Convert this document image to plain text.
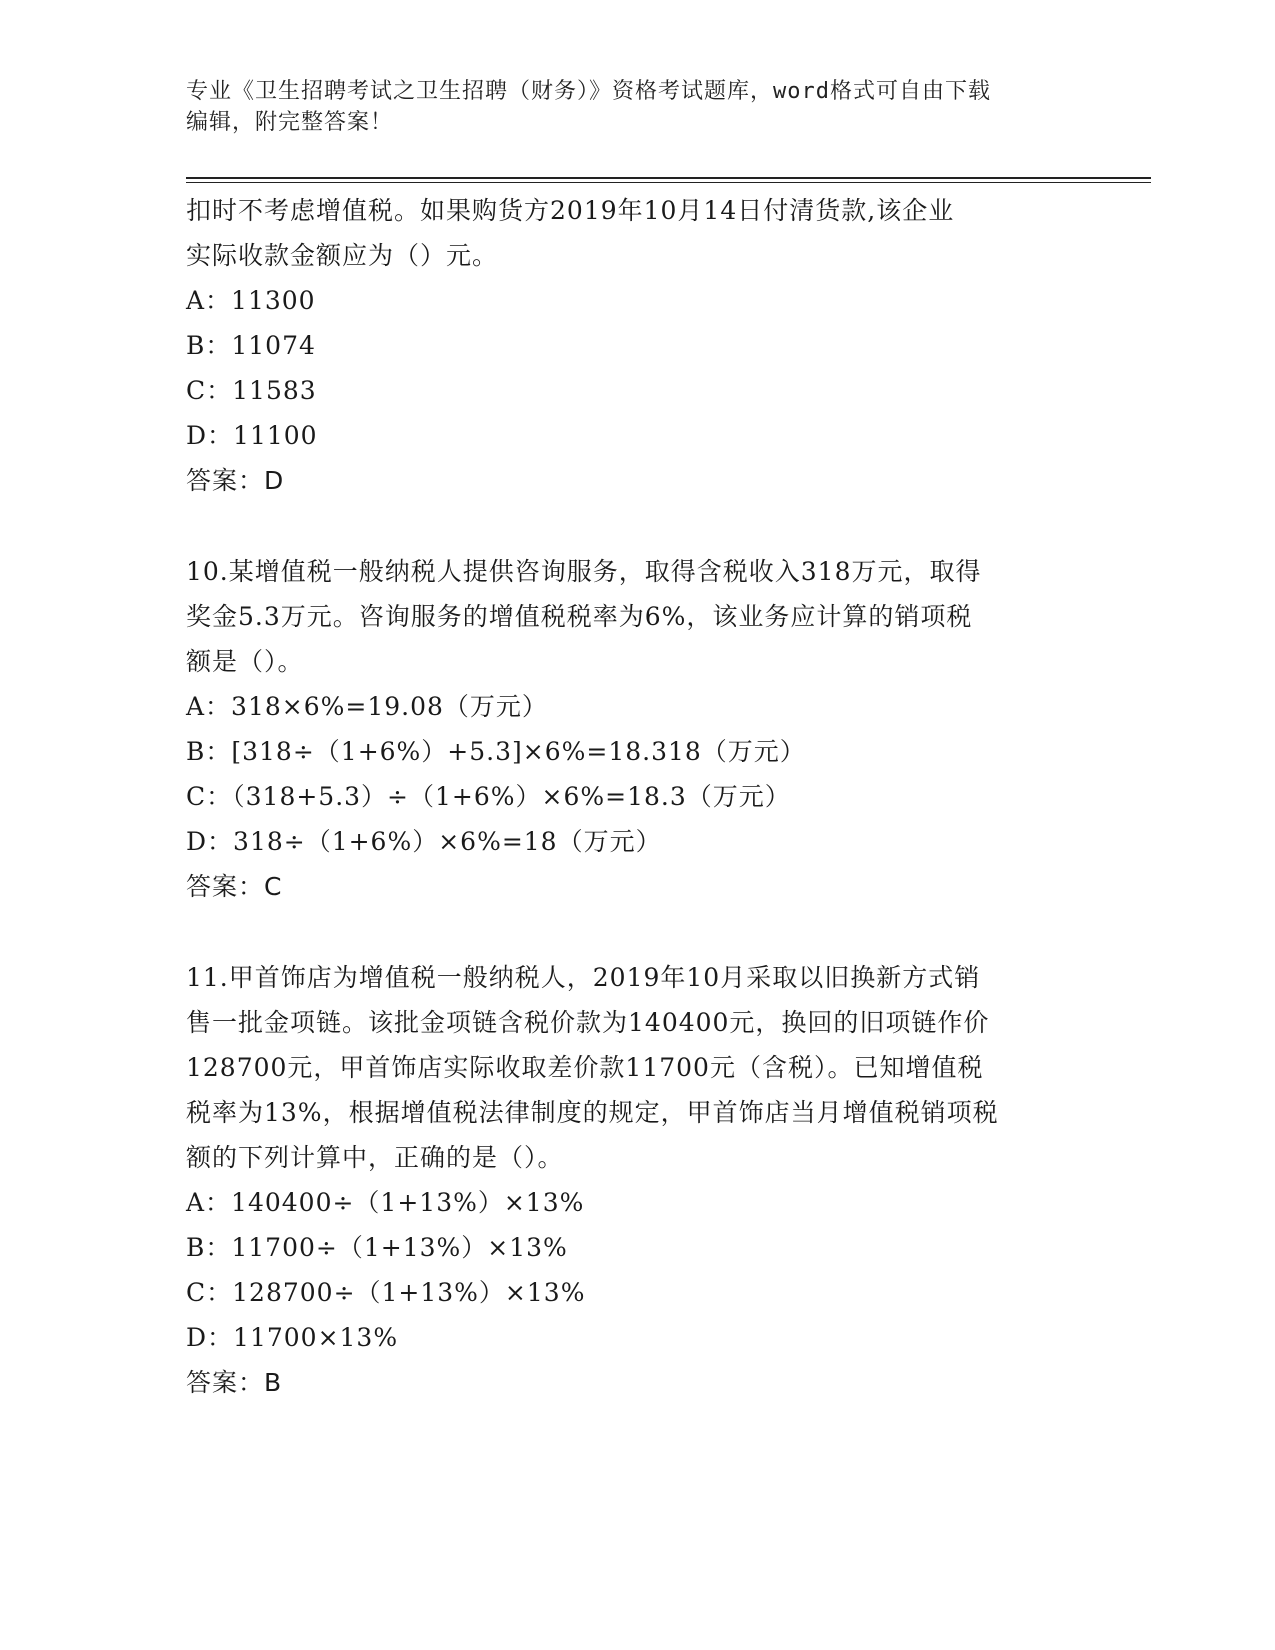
专业《卫生招聘考试之卫生招聘（财务）》资格考试题库，word格式可自由下载
编辑，附完整答案！
扣时不考虑增值税。如果购货方2019年10月14日付清货款,该企业
实际收款金额应为（）元。
A：11300
B：11074
C：11583
D：11100
答案：D
10.某增值税一般纳税人提供咨询服务，取得含税收入318万元，取得
奖金5.3万元。咨询服务的增值税税率为6%，该业务应计算的销项税
额是（）。
A：318×6%=19.08（万元）
B：[318÷（1+6%）+5.3]×6%=18.318（万元）
C：（318+5.3）÷（1+6%）×6%=18.3（万元）
D：318÷（1+6%）×6%=18（万元）
答案：C
11.甲首饰店为增值税一般纳税人，2019年10月采取以旧换新方式销
售一批金项链。该批金项链含税价款为140400元，换回的旧项链作价
128700元，甲首饰店实际收取差价款11700元（含税）。已知增值税
税率为13%，根据增值税法律制度的规定，甲首饰店当月增值税销项税
额的下列计算中，正确的是（）。
A：140400÷（1+13%）×13%
B：11700÷（1+13%）×13%
C：128700÷（1+13%）×13%
D：11700×13%
答案：B
